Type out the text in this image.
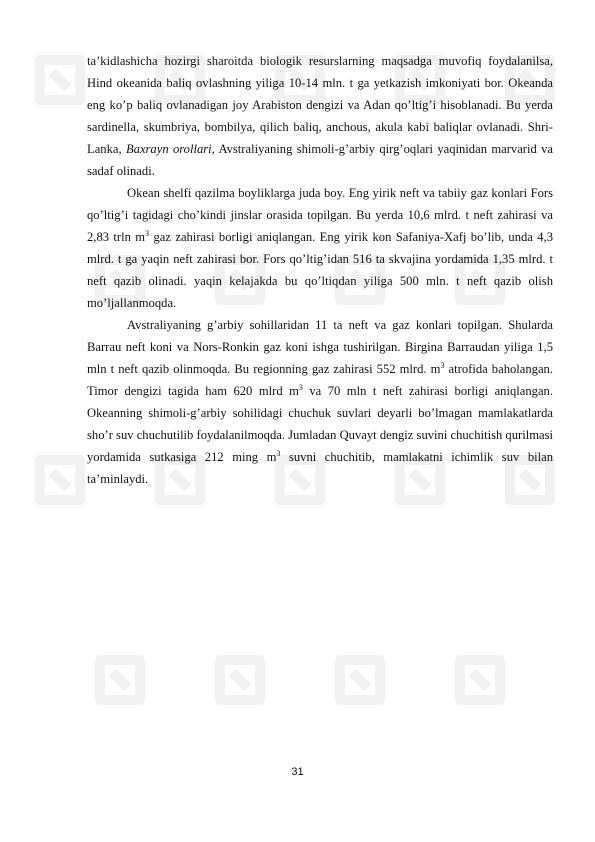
ta’kidlashicha hozirgi sharoitda biologik resurslarning maqsadga muvofiq foydalanilsa, Hind okeanida baliq ovlashning yiliga 10-14 mln. t ga yetkazish imkoniyati bor. Okeanda eng ko’p baliq ovlanadigan joy Arabiston dengizi va Adan qo’ltig’i hisoblanadi. Bu yerda sardinella, skumbriya, bombilya, qilich baliq, anchous, akula kabi baliqlar ovlanadi. Shri-Lanka, Baxrayn orollari, Avstraliyaning shimoli-g’arbiy qirg’oqlari yaqinidan marvarid va sadaf olinadi.

Okean shelfi qazilma boyliklarga juda boy. Eng yirik neft va tabiiy gaz konlari Fors qo’ltig’i tagidagi cho’kindi jinslar orasida topilgan. Bu yerda 10,6 mlrd. t neft zahirasi va 2,83 trln $m^3$ gaz zahirasi borligi aniqlangan. Eng yirik kon Safaniya-Xafj bo’lib, unda 4,3 mlrd. t ga yaqin neft zahirasi bor. Fors qo’ltig’idan 516 ta skvajina yordamida 1,35 mlrd. t neft qazib olinadi. yaqin kelajakda bu qo’ltiqdan yiliga 500 mln. t neft qazib olish mo’ljallanmoqda.

Avstraliyaning g’arbiy sohillaridan 11 ta neft va gaz konlari topilgan. Shularda Barrau neft koni va Nors-Ronkin gaz koni ishga tushirilgan. Birgina Barraudan yiliga 1,5 mln t neft qazib olinmoqda. Bu regionning gaz zahirasi 552 mlrd. $m^3$ atrofida baholangan. Timor dengizi tagida ham 620 mlrd $m^3$ va 70 mln t neft zahirasi borligi aniqlangan. Okeanning shimoli-g’arbiy sohilidagi chuchuk suvlari deyarli bo’lmagan mamlakatlarda sho’r suv chuchutilib foydalanilmoqda. Jumladan Quvayt dengiz suvini chuchitish qurilmasi yordamida sutkasiga 212 ming $m^3$ suvni chuchitib, mamlakatni ichimlik suv bilan ta’minlaydi.

31
